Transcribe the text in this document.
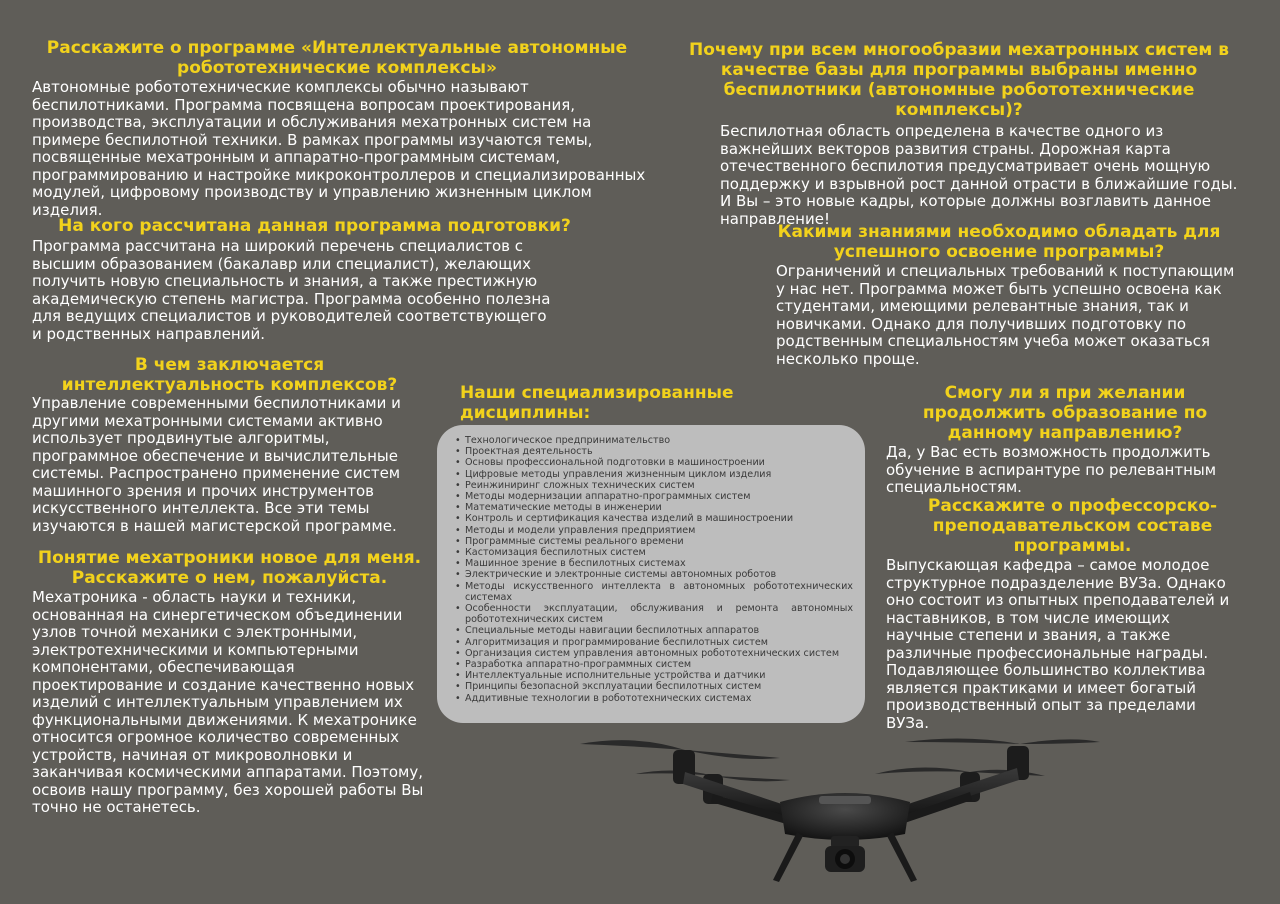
Расскажите о программе «Интеллектуальные автономные робототехнические комплексы»

Автономные робототехнические комплексы обычно называют беспилотниками. Программа посвящена вопросам проектирования, производства, эксплуатации и обслуживания мехатронных систем на примере беспилотной техники. В рамках программы изучаются темы, посвященные мехатронным и аппаратно-программным системам, программированию и настройке микроконтроллеров и специализированных модулей, цифровому производству и управлению жизненным циклом изделия.

На кого рассчитана данная программа подготовки?

Программа рассчитана на широкий перечень специалистов с высшим образованием (бакалавр или специалист), желающих получить новую специальность и знания, а также престижную академическую степень магистра. Программа особенно полезна для ведущих специалистов и руководителей соответствующего и родственных направлений.

В чем заключается интеллектуальность комплексов?

Управление современными беспилотниками и другими мехатронными системами активно использует продвинутые алгоритмы, программное обеспечение и вычислительные системы. Распространено применение систем машинного зрения и прочих инструментов искусственного интеллекта. Все эти темы изучаются в нашей магистерской программе.

Понятие мехатроники новое для меня. Расскажите о нем, пожалуйста.

Мехатроника - область науки и техники, основанная на синергетическом объединении узлов точной механики с электронными, электротехническими и компьютерными компонентами, обеспечивающая проектирование и создание качественно новых изделий с интеллектуальным управлением их функциональными движениями. К мехатронике относится огромное количество современных устройств, начиная от микроволновки и заканчивая космическими аппаратами. Поэтому, освоив нашу программу, без хорошей работы Вы точно не останетесь.

Наши специализированные дисциплины:
• Технологическое предпринимательство
• Проектная деятельность
• Основы профессиональной подготовки в машиностроении
• Цифровые методы управления жизненным циклом изделия
• Реинжиниринг сложных технических систем
• Методы модернизации аппаратно-программных систем
• Математические методы в инженерии
• Контроль и сертификация качества изделий в машиностроении
• Методы и модели управления предприятием
• Программные системы реального времени
• Кастомизация беспилотных систем
• Машинное зрение в беспилотных системах
• Электрические и электронные системы автономных роботов
• Методы искусственного интеллекта в автономных робототехнических системах
• Особенности эксплуатации, обслуживания и ремонта автономных робототехнических систем
• Специальные методы навигации беспилотных аппаратов
• Алгоритмизация и программирование беспилотных систем
• Организация систем управления автономных робототехнических систем
• Разработка аппаратно-программных систем
• Интеллектуальные исполнительные устройства и датчики
• Принципы безопасной эксплуатации беспилотных систем
• Аддитивные технологии в робототехнических системах
Почему при всем многообразии мехатронных систем в качестве базы для программы выбраны именно беспилотники (автономные робототехнические комплексы)?

Беспилотная область определена в качестве одного из важнейших векторов развития страны. Дорожная карта отечественного беспилотия предусматривает очень мощную поддержку и взрывной рост данной отрасти в ближайшие годы. И Вы – это новые кадры, которые должны возглавить данное направление!

Какими знаниями необходимо обладать для успешного освоение программы?

Ограничений и специальных требований к поступающим у нас нет. Программа может быть успешно освоена как студентами, имеющими релевантные знания, так и новичками. Однако для получивших подготовку по родственным специальностям учеба может оказаться несколько проще.

Смогу ли я при желании продолжить образование по данному направлению?

Да, у Вас есть возможность продолжить обучение в аспирантуре по релевантным специальностям.

Расскажите о профессорско-преподавательском составе программы.

Выпускающая кафедра – самое молодое структурное подразделение ВУЗа. Однако оно состоит из опытных преподавателей и наставников, в том числе имеющих научные степени и звания, а также различные профессиональные награды. Подавляющее большинство коллектива является практиками и имеет богатый производственный опыт за пределами ВУЗа.
